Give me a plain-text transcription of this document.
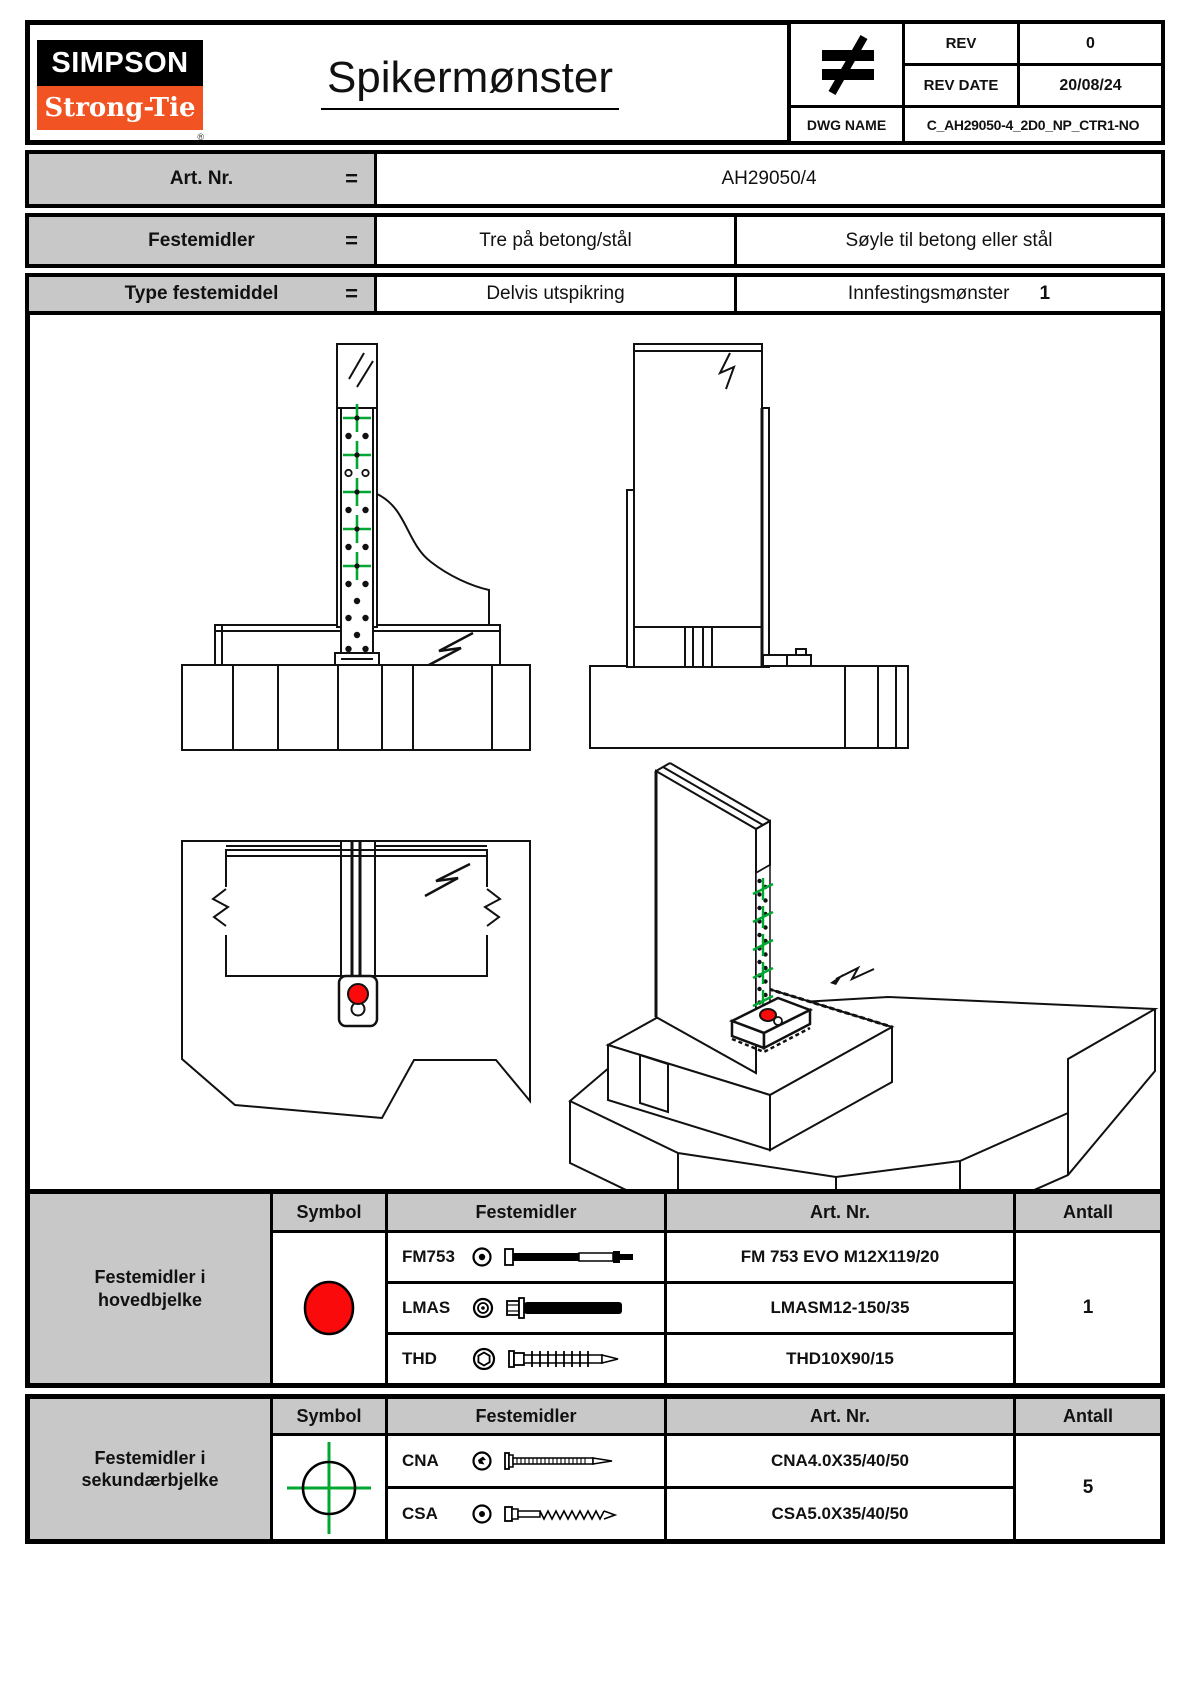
SIMPSON
Strong-Tie
®
Spikermønster
REV	0
REV DATE	20/08/24
DWG NAME	C_AH29050-4_2D0_NP_CTR1-NO
Art. Nr.	=	AH29050/4
Festemidler	=	Tre på betong/stål	Søyle til betong eller stål
Type festemiddel	=	Delvis utspikring	Innfestingsmønster 1
Festemidler i hovedbjelke
Symbol	Festemidler	Art. Nr.	Antall
FM753	FM 753 EVO M12X119/20
LMAS	LMASM12-150/35
THD	THD10X90/15
1
Festemidler i sekundærbjelke
Symbol	Festemidler	Art. Nr.	Antall
CNA	CNA4.0X35/40/50
CSA	CSA5.0X35/40/50
5
